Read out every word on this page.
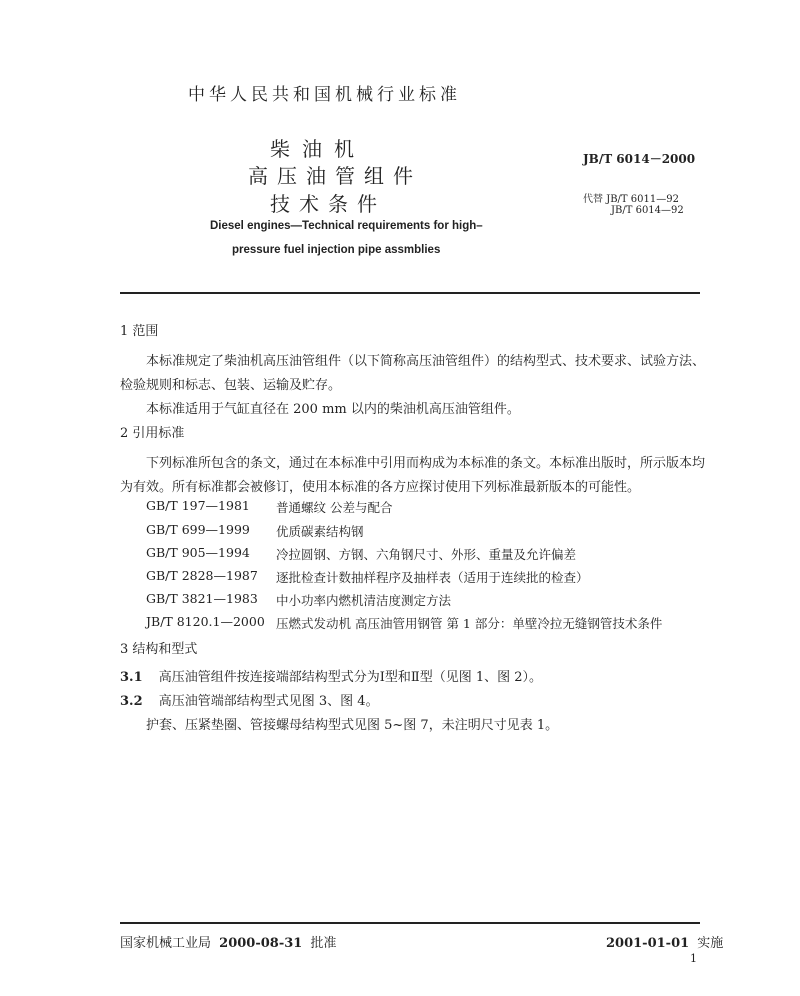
中华人民共和国机械行业标准
柴油机
高压油管组件
技术条件
JB/T 6014－2000
代替 JB/T 6011—92
JB/T 6014—92
Diesel engines—Technical requirements for high–
pressure fuel injection pipe assmblies
1 范围
本标准规定了柴油机高压油管组件（以下简称高压油管组件）的结构型式、技术要求、试验方法、
检验规则和标志、包装、运输及贮存。
本标准适用于气缸直径在 200 mm 以内的柴油机高压油管组件。
2 引用标准
下列标准所包含的条文，通过在本标准中引用而构成为本标准的条文。本标准出版时，所示版本均
为有效。所有标准都会被修订，使用本标准的各方应探讨使用下列标准最新版本的可能性。
GB/T 197—1981 普通螺纹 公差与配合
GB/T 699—1999 优质碳素结构钢
GB/T 905—1994 冷拉圆钢、方钢、六角钢尺寸、外形、重量及允许偏差
GB/T 2828—1987 逐批检查计数抽样程序及抽样表（适用于连续批的检查）
GB/T 3821—1983 中小功率内燃机清洁度测定方法
JB/T 8120.1—2000 压燃式发动机 高压油管用钢管 第 1 部分：单壁冷拉无缝钢管技术条件
3 结构和型式
3.1 高压油管组件按连接端部结构型式分为Ⅰ型和Ⅱ型（见图 1、图 2）。
3.2 高压油管端部结构型式见图 3、图 4。
护套、压紧垫圈、管接螺母结构型式见图 5~图 7，未注明尺寸见表 1。
国家机械工业局 2000-08-31 批准	2001-01-01 实施
1
